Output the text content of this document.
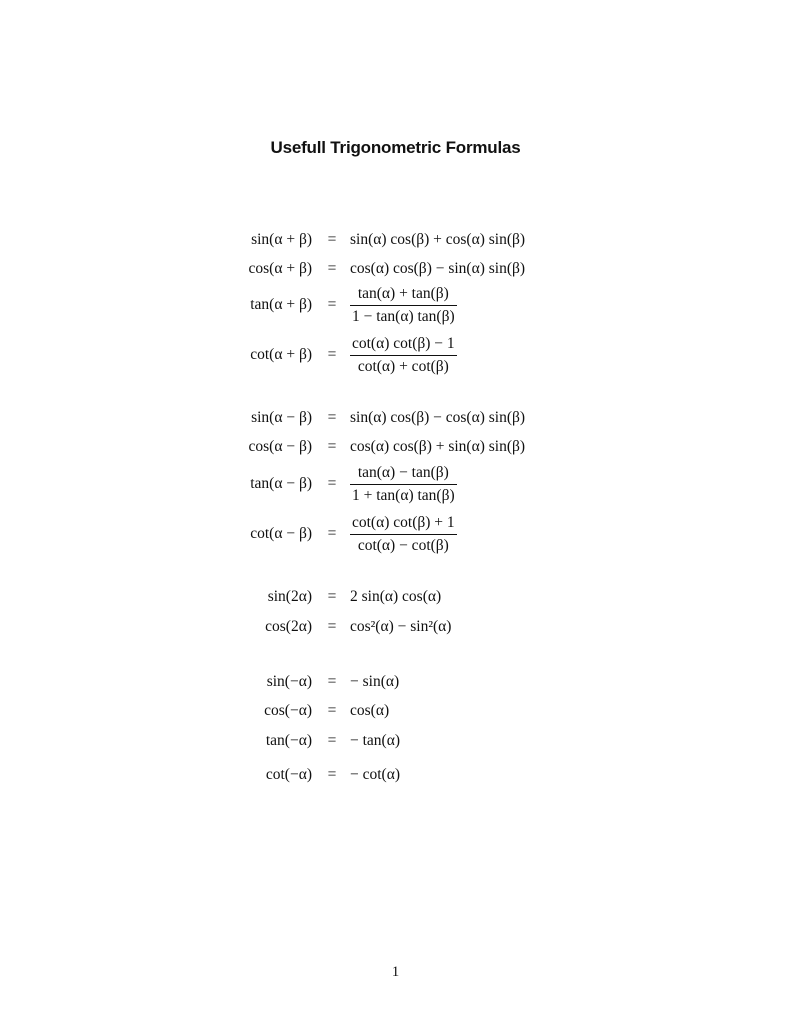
Usefull Trigonometric Formulas
sin(α + β) = sin(α) cos(β) + cos(α) sin(β)
cos(α + β) = cos(α) cos(β) − sin(α) sin(β)
tan(α + β) =
tan(α) + tan(β)
1 − tan(α) tan(β)
cot(α + β) =
cot(α) cot(β) − 1
cot(α) + cot(β)
sin(α − β) = sin(α) cos(β) − cos(α) sin(β)
cos(α − β) = cos(α) cos(β) + sin(α) sin(β)
tan(α − β) =
tan(α) − tan(β)
1 + tan(α) tan(β)
cot(α − β) =
cot(α) cot(β) + 1
cot(α) − cot(β)
sin(2α) = 2 sin(α) cos(α)
cos(2α) = cos²(α) − sin²(α)
sin(−α) = − sin(α)
cos(−α) = cos(α)
tan(−α) = − tan(α)
cot(−α) = − cot(α)
1
